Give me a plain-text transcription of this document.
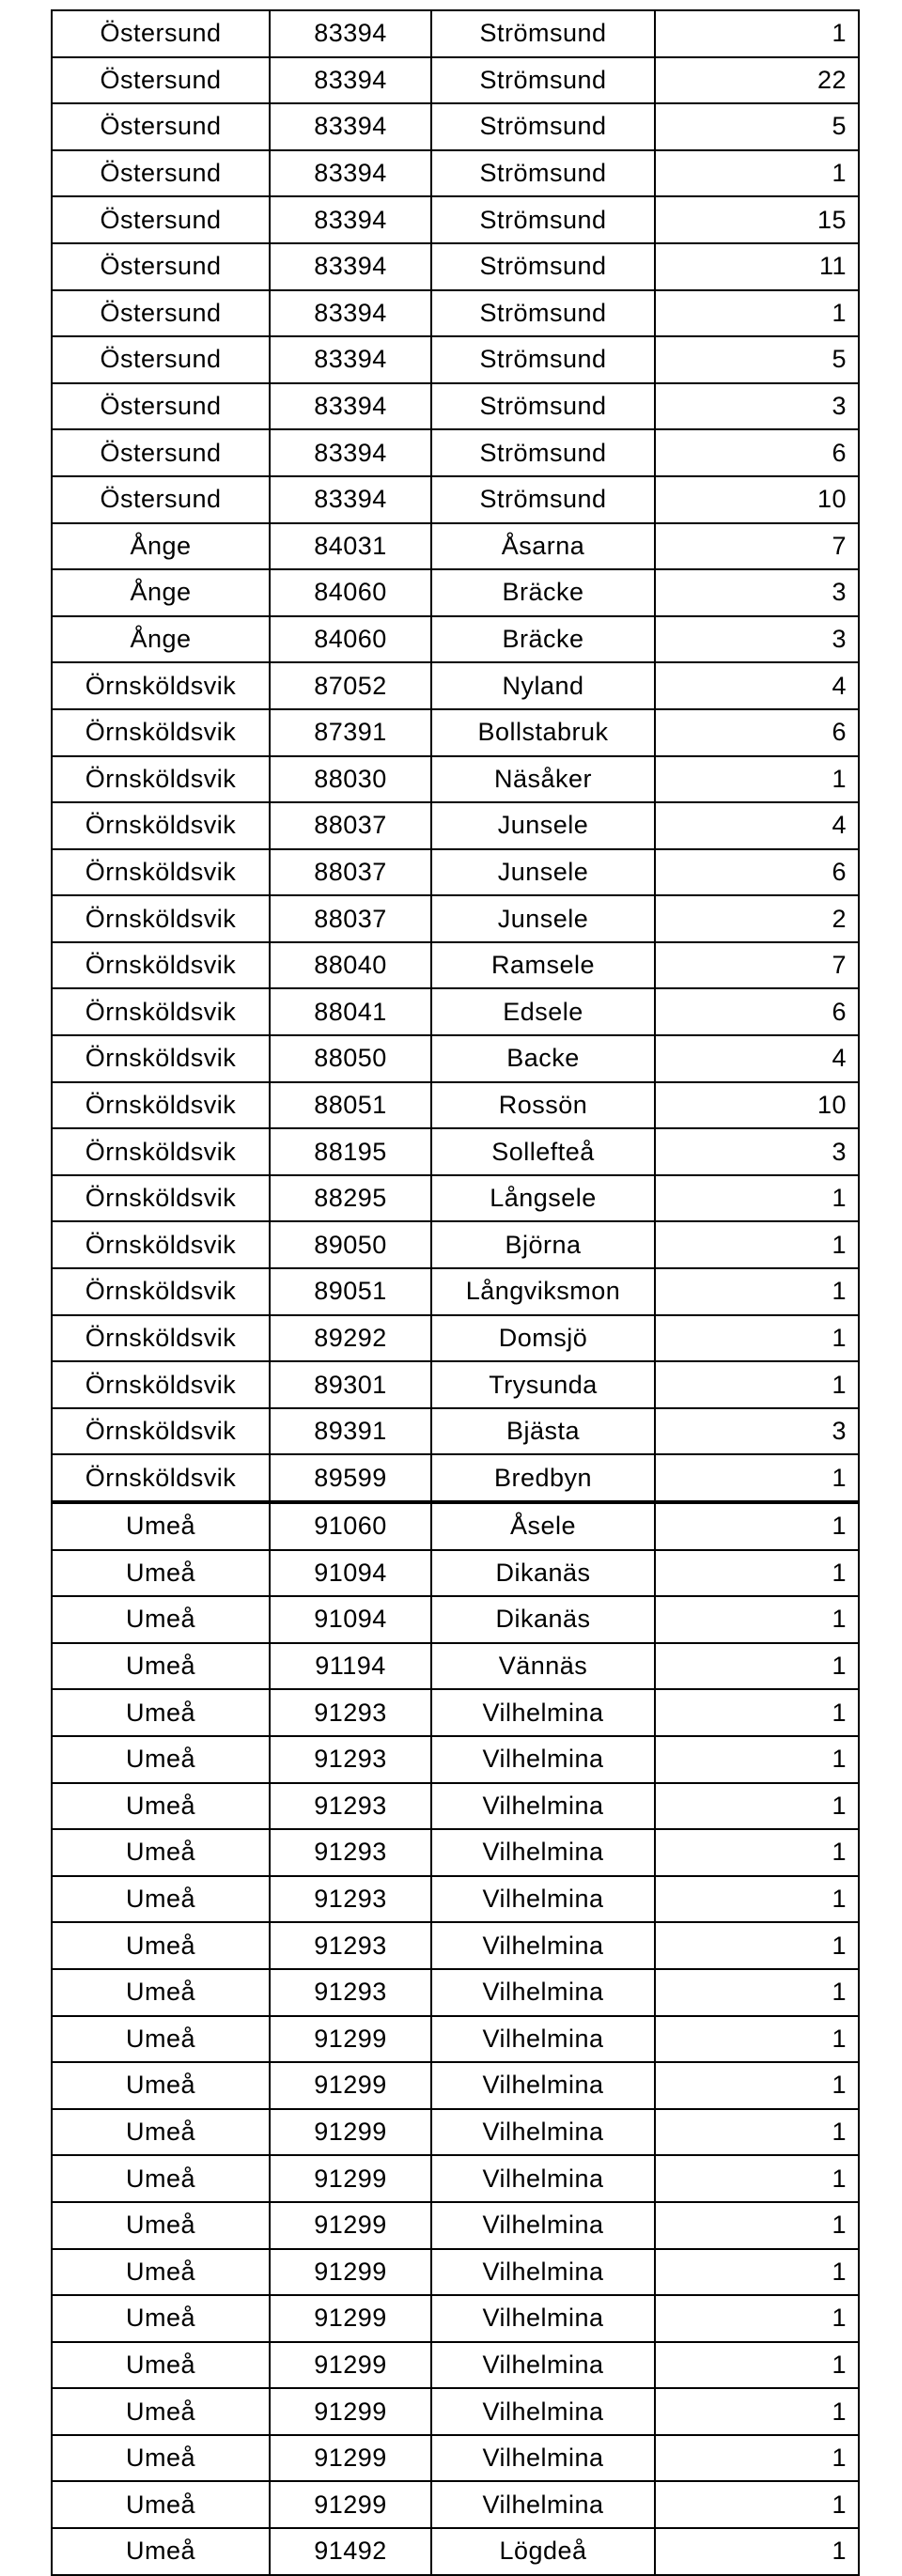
Östersund	83394	Strömsund	1
Östersund	83394	Strömsund	22
Östersund	83394	Strömsund	5
Östersund	83394	Strömsund	1
Östersund	83394	Strömsund	15
Östersund	83394	Strömsund	11
Östersund	83394	Strömsund	1
Östersund	83394	Strömsund	5
Östersund	83394	Strömsund	3
Östersund	83394	Strömsund	6
Östersund	83394	Strömsund	10
Ånge	84031	Åsarna	7
Ånge	84060	Bräcke	3
Ånge	84060	Bräcke	3
Örnsköldsvik	87052	Nyland	4
Örnsköldsvik	87391	Bollstabruk	6
Örnsköldsvik	88030	Näsåker	1
Örnsköldsvik	88037	Junsele	4
Örnsköldsvik	88037	Junsele	6
Örnsköldsvik	88037	Junsele	2
Örnsköldsvik	88040	Ramsele	7
Örnsköldsvik	88041	Edsele	6
Örnsköldsvik	88050	Backe	4
Örnsköldsvik	88051	Rossön	10
Örnsköldsvik	88195	Sollefteå	3
Örnsköldsvik	88295	Långsele	1
Örnsköldsvik	89050	Björna	1
Örnsköldsvik	89051	Långviksmon	1
Örnsköldsvik	89292	Domsjö	1
Örnsköldsvik	89301	Trysunda	1
Örnsköldsvik	89391	Bjästa	3
Örnsköldsvik	89599	Bredbyn	1
Umeå	91060	Åsele	1
Umeå	91094	Dikanäs	1
Umeå	91094	Dikanäs	1
Umeå	91194	Vännäs	1
Umeå	91293	Vilhelmina	1
Umeå	91293	Vilhelmina	1
Umeå	91293	Vilhelmina	1
Umeå	91293	Vilhelmina	1
Umeå	91293	Vilhelmina	1
Umeå	91293	Vilhelmina	1
Umeå	91293	Vilhelmina	1
Umeå	91299	Vilhelmina	1
Umeå	91299	Vilhelmina	1
Umeå	91299	Vilhelmina	1
Umeå	91299	Vilhelmina	1
Umeå	91299	Vilhelmina	1
Umeå	91299	Vilhelmina	1
Umeå	91299	Vilhelmina	1
Umeå	91299	Vilhelmina	1
Umeå	91299	Vilhelmina	1
Umeå	91299	Vilhelmina	1
Umeå	91299	Vilhelmina	1
Umeå	91492	Lögdeå	1
